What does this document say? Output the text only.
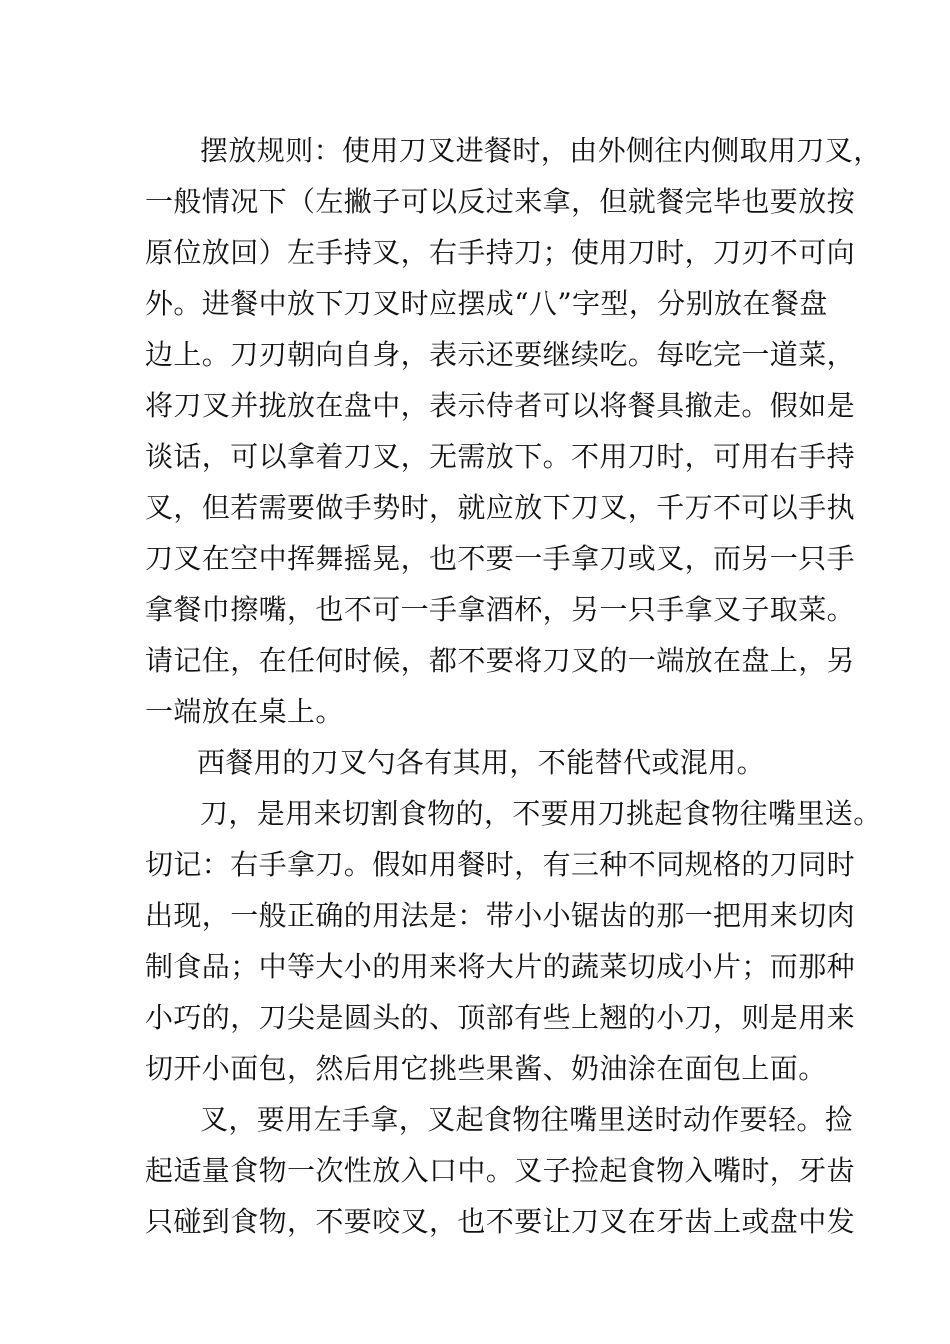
摆放规则：使用刀叉进餐时，由外侧往内侧取用刀叉，
一般情况下（左撇子可以反过来拿，但就餐完毕也要放按
原位放回）左手持叉，右手持刀；使用刀时，刀刃不可向
外。进餐中放下刀叉时应摆成“八”字型，分别放在餐盘
边上。刀刃朝向自身，表示还要继续吃。每吃完一道菜，
将刀叉并拢放在盘中，表示侍者可以将餐具撤走。假如是
谈话，可以拿着刀叉，无需放下。不用刀时，可用右手持
叉，但若需要做手势时，就应放下刀叉，千万不可以手执
刀叉在空中挥舞摇晃，也不要一手拿刀或叉，而另一只手
拿餐巾擦嘴，也不可一手拿酒杯，另一只手拿叉子取菜。
请记住，在任何时候，都不要将刀叉的一端放在盘上，另
一端放在桌上。
西餐用的刀叉勺各有其用，不能替代或混用。
刀，是用来切割食物的，不要用刀挑起食物往嘴里送。
切记：右手拿刀。假如用餐时，有三种不同规格的刀同时
出现，一般正确的用法是：带小小锯齿的那一把用来切肉
制食品；中等大小的用来将大片的蔬菜切成小片；而那种
小巧的，刀尖是圆头的、顶部有些上翘的小刀，则是用来
切开小面包，然后用它挑些果酱、奶油涂在面包上面。
叉，要用左手拿，叉起食物往嘴里送时动作要轻。捡
起适量食物一次性放入口中。叉子捡起食物入嘴时，牙齿
只碰到食物，不要咬叉，也不要让刀叉在牙齿上或盘中发
